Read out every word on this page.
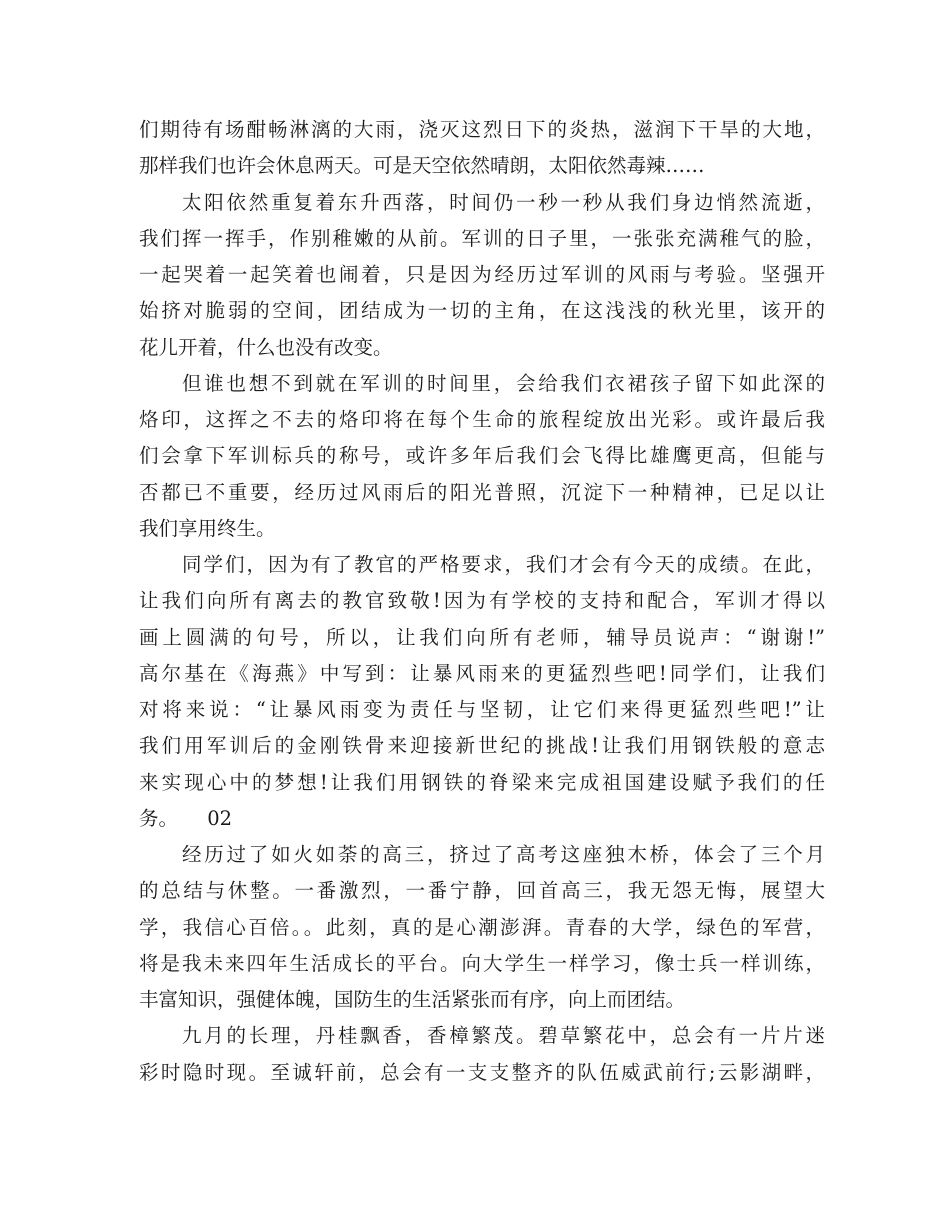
们期待有场酣畅淋漓的大雨，浇灭这烈日下的炎热，滋润下干旱的大地，
那样我们也许会休息两天。可是天空依然晴朗，太阳依然毒辣……
太阳依然重复着东升西落，时间仍一秒一秒从我们身边悄然流逝，
我们挥一挥手，作别稚嫩的从前。军训的日子里，一张张充满稚气的脸，
一起哭着一起笑着也闹着，只是因为经历过军训的风雨与考验。坚强开
始挤对脆弱的空间，团结成为一切的主角，在这浅浅的秋光里，该开的
花儿开着，什么也没有改变。
但谁也想不到就在军训的时间里，会给我们衣裙孩子留下如此深的
烙印，这挥之不去的烙印将在每个生命的旅程绽放出光彩。或许最后我
们会拿下军训标兵的称号，或许多年后我们会飞得比雄鹰更高，但能与
否都已不重要，经历过风雨后的阳光普照，沉淀下一种精神，已足以让
我们享用终生。
同学们，因为有了教官的严格要求，我们才会有今天的成绩。在此，
让我们向所有离去的教官致敬!因为有学校的支持和配合，军训才得以
画上圆满的句号，所以，让我们向所有老师，辅导员说声：“谢谢!”
高尔基在《海燕》中写到：让暴风雨来的更猛烈些吧!同学们，让我们
对将来说：“让暴风雨变为责任与坚韧，让它们来得更猛烈些吧!”让
我们用军训后的金刚铁骨来迎接新世纪的挑战!让我们用钢铁般的意志
来实现心中的梦想!让我们用钢铁的脊梁来完成祖国建设赋予我们的任
务。　　02
经历过了如火如荼的高三，挤过了高考这座独木桥，体会了三个月
的总结与休整。一番激烈，一番宁静，回首高三，我无怨无悔，展望大
学，我信心百倍。。此刻，真的是心潮澎湃。青春的大学，绿色的军营，
将是我未来四年生活成长的平台。向大学生一样学习，像士兵一样训练，
丰富知识，强健体魄，国防生的生活紧张而有序，向上而团结。
九月的长理，丹桂飘香，香樟繁茂。碧草繁花中，总会有一片片迷
彩时隐时现。至诚轩前，总会有一支支整齐的队伍威武前行;云影湖畔，
